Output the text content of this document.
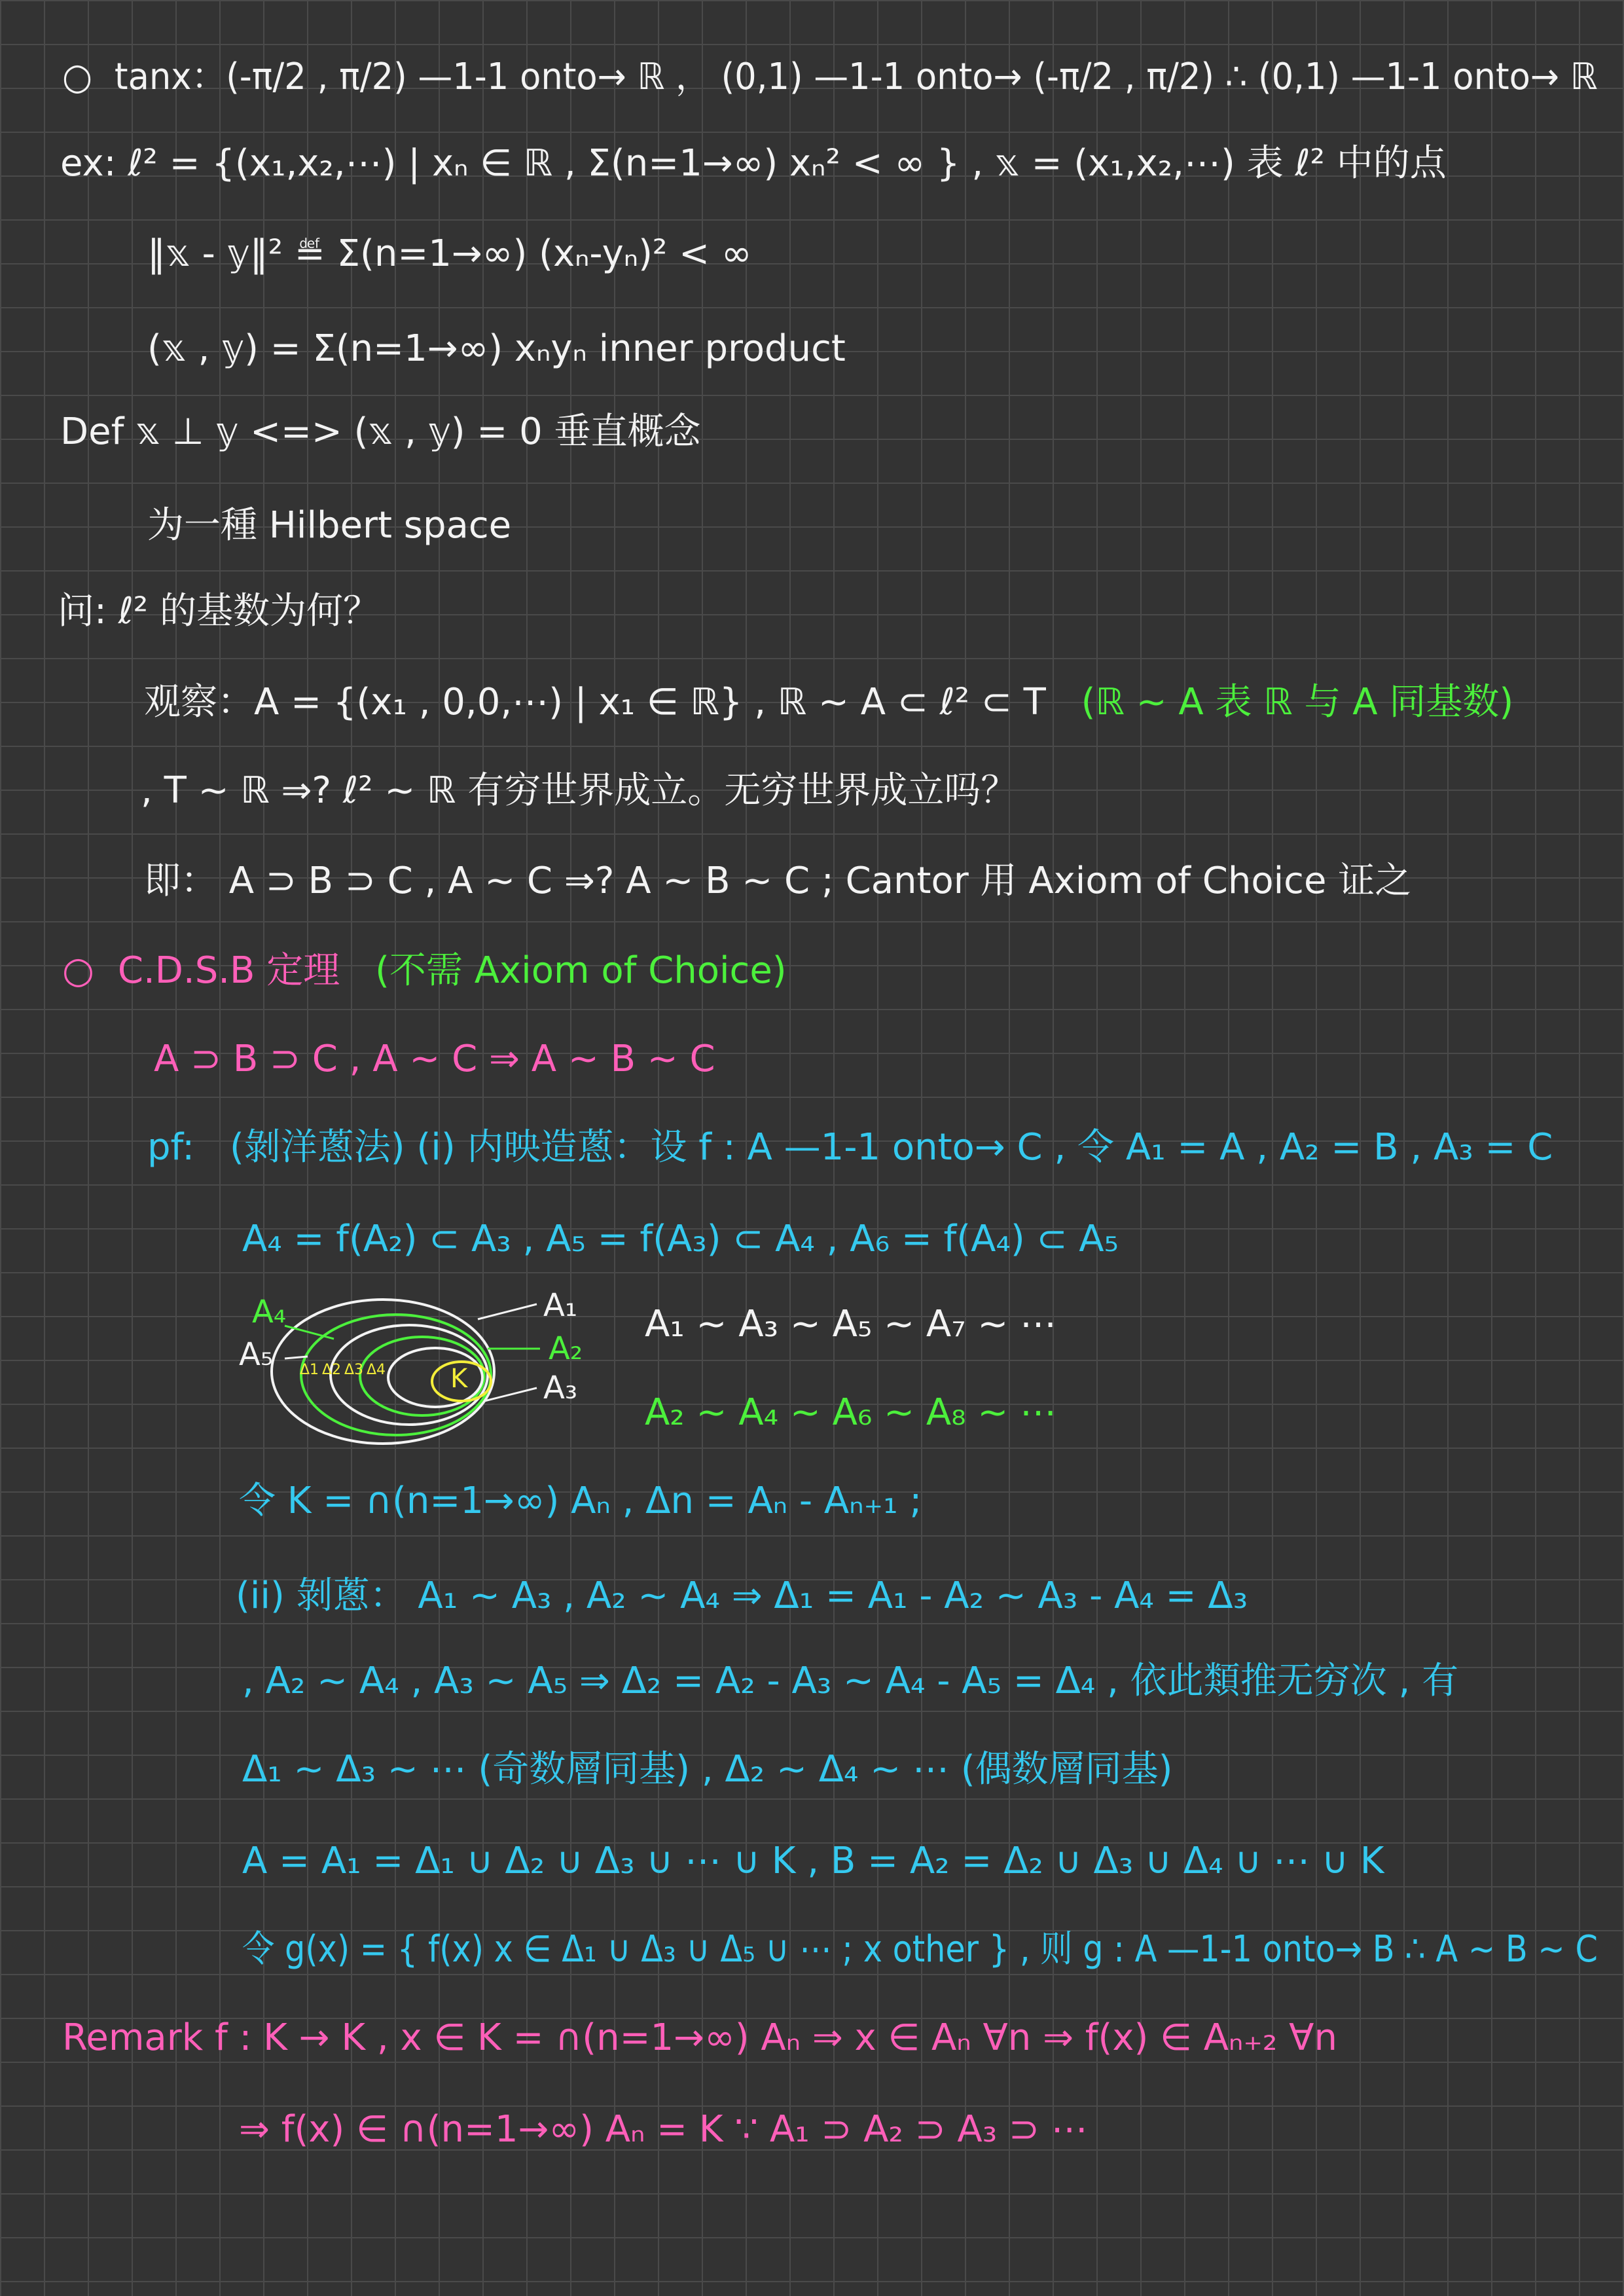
○ tanx：(-π/2 , π/2) —1-1 onto→ ℝ ， (0,1) —1-1 onto→ (-π/2 , π/2) ∴ (0,1) —1-1 onto→ ℝ
ex: ℓ² = {(x₁,x₂,⋯) | xₙ ∈ ℝ , Σ(n=1→∞) xₙ² < ∞ } , 𝕩 = (x₁,x₂,⋯) 表 ℓ² 中的点
‖𝕩 - 𝕪‖² ≝ Σ(n=1→∞) (xₙ-yₙ)² < ∞
(𝕩 , 𝕪) = Σ(n=1→∞) xₙyₙ inner product
Def 𝕩 ⊥ 𝕪 <=> (𝕩 , 𝕪) = 0 垂直概念
为一種 Hilbert space
问: ℓ² 的基数为何？
观察：A = {(x₁ , 0,0,⋯) | x₁ ∈ ℝ} , ℝ ~ A ⊂ ℓ² ⊂ T (ℝ ~ A 表 ℝ 与 A 同基数)
, T ~ ℝ ⇒? ℓ² ~ ℝ 有穷世界成立。无穷世界成立吗？
即： A ⊃ B ⊃ C , A ~ C ⇒? A ~ B ~ C ; Cantor 用 Axiom of Choice 证之
○ C.D.S.B 定理 (不需 Axiom of Choice)
A ⊃ B ⊃ C , A ~ C ⇒ A ~ B ~ C
pf: (剝洋蔥法) (i) 内映造蔥：设 f : A —1-1 onto→ C , 令 A₁ = A , A₂ = B , A₃ = C
A₄ = f(A₂) ⊂ A₃ , A₅ = f(A₃) ⊂ A₄ , A₆ = f(A₄) ⊂ A₅
A₄
A₅
A₁
A₂
A₃
K
Δ1 Δ2 Δ3 Δ4
A₁ ~ A₃ ~ A₅ ~ A₇ ~ ⋯
A₂ ~ A₄ ~ A₆ ~ A₈ ~ ⋯
令 K = ∩(n=1→∞) Aₙ , Δn = Aₙ - Aₙ₊₁ ;
(ii) 剝蔥： A₁ ~ A₃ , A₂ ~ A₄ ⇒ Δ₁ = A₁ - A₂ ~ A₃ - A₄ = Δ₃
, A₂ ~ A₄ , A₃ ~ A₅ ⇒ Δ₂ = A₂ - A₃ ~ A₄ - A₅ = Δ₄ , 依此類推无穷次 , 有
Δ₁ ~ Δ₃ ~ ⋯ (奇数層同基) , Δ₂ ~ Δ₄ ~ ⋯ (偶数層同基)
A = A₁ = Δ₁ ∪ Δ₂ ∪ Δ₃ ∪ ⋯ ∪ K , B = A₂ = Δ₂ ∪ Δ₃ ∪ Δ₄ ∪ ⋯ ∪ K
令 g(x) = { f(x) x ∈ Δ₁ ∪ Δ₃ ∪ Δ₅ ∪ ⋯ ; x other } , 则 g : A —1-1 onto→ B ∴ A ~ B ~ C
Remark f : K → K , x ∈ K = ∩(n=1→∞) Aₙ ⇒ x ∈ Aₙ ∀n ⇒ f(x) ∈ Aₙ₊₂ ∀n
⇒ f(x) ∈ ∩(n=1→∞) Aₙ = K ∵ A₁ ⊃ A₂ ⊃ A₃ ⊃ ⋯
